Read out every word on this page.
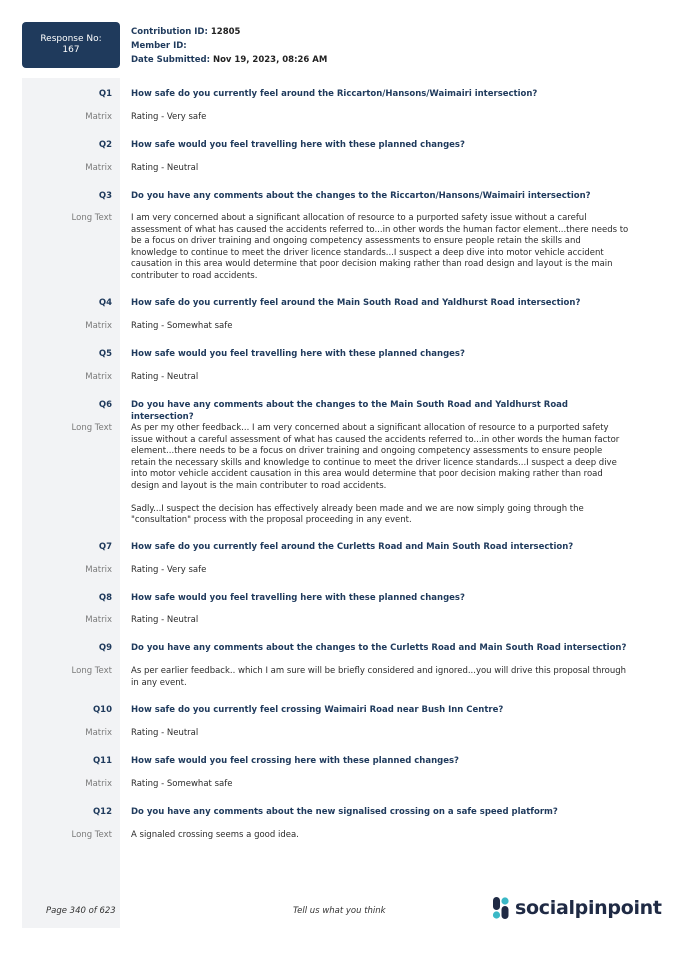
Response No:
167
Contribution ID: 12805
Member ID:
Date Submitted: Nov 19, 2023, 08:26 AM
Q1 How safe do you currently feel around the Riccarton/Hansons/Waimairi intersection?
Matrix Rating - Very safe

Q2 How safe would you feel travelling here with these planned changes?
Matrix Rating - Neutral

Q3 Do you have any comments about the changes to the Riccarton/Hansons/Waimairi intersection?
Long Text I am very concerned about a significant allocation of resource to a purported safety issue without a careful assessment of what has caused the accidents referred to...in other words the human factor element...there needs to be a focus on driver training and ongoing competency assessments to ensure people retain the skills and knowledge to continue to meet the driver licence standards...I suspect a deep dive into motor vehicle accident causation in this area would determine that poor decision making rather than road design and layout is the main contributer to road accidents.

Q4 How safe do you currently feel around the Main South Road and Yaldhurst Road intersection?
Matrix Rating - Somewhat safe

Q5 How safe would you feel travelling here with these planned changes?
Matrix Rating - Neutral

Q6 Do you have any comments about the changes to the Main South Road and Yaldhurst Road intersection?
Long Text As per my other feedback... I am very concerned about a significant allocation of resource to a purported safety issue without a careful assessment of what has caused the accidents referred to...in other words the human factor element...there needs to be a focus on driver training and ongoing competency assessments to ensure people retain the necessary skills and knowledge to continue to meet the driver licence standards...I suspect a deep dive into motor vehicle accident causation in this area would determine that poor decision making rather than road design and layout is the main contributer to road accidents.

Sadly...I suspect the decision has effectively already been made and we are now simply going through the "consultation" process with the proposal proceeding in any event.

Q7 How safe do you currently feel around the Curletts Road and Main South Road intersection?
Matrix Rating - Very safe

Q8 How safe would you feel travelling here with these planned changes?
Matrix Rating - Neutral

Q9 Do you have any comments about the changes to the Curletts Road and Main South Road intersection?
Long Text As per earlier feedback.. which I am sure will be briefly considered and ignored...you will drive this proposal through in any event.

Q10 How safe do you currently feel crossing Waimairi Road near Bush Inn Centre?
Matrix Rating - Neutral

Q11 How safe would you feel crossing here with these planned changes?
Matrix Rating - Somewhat safe

Q12 Do you have any comments about the new signalised crossing on a safe speed platform?
Long Text A signaled crossing seems a good idea.

Page 340 of 623	Tell us what you think	socialpinpoint
